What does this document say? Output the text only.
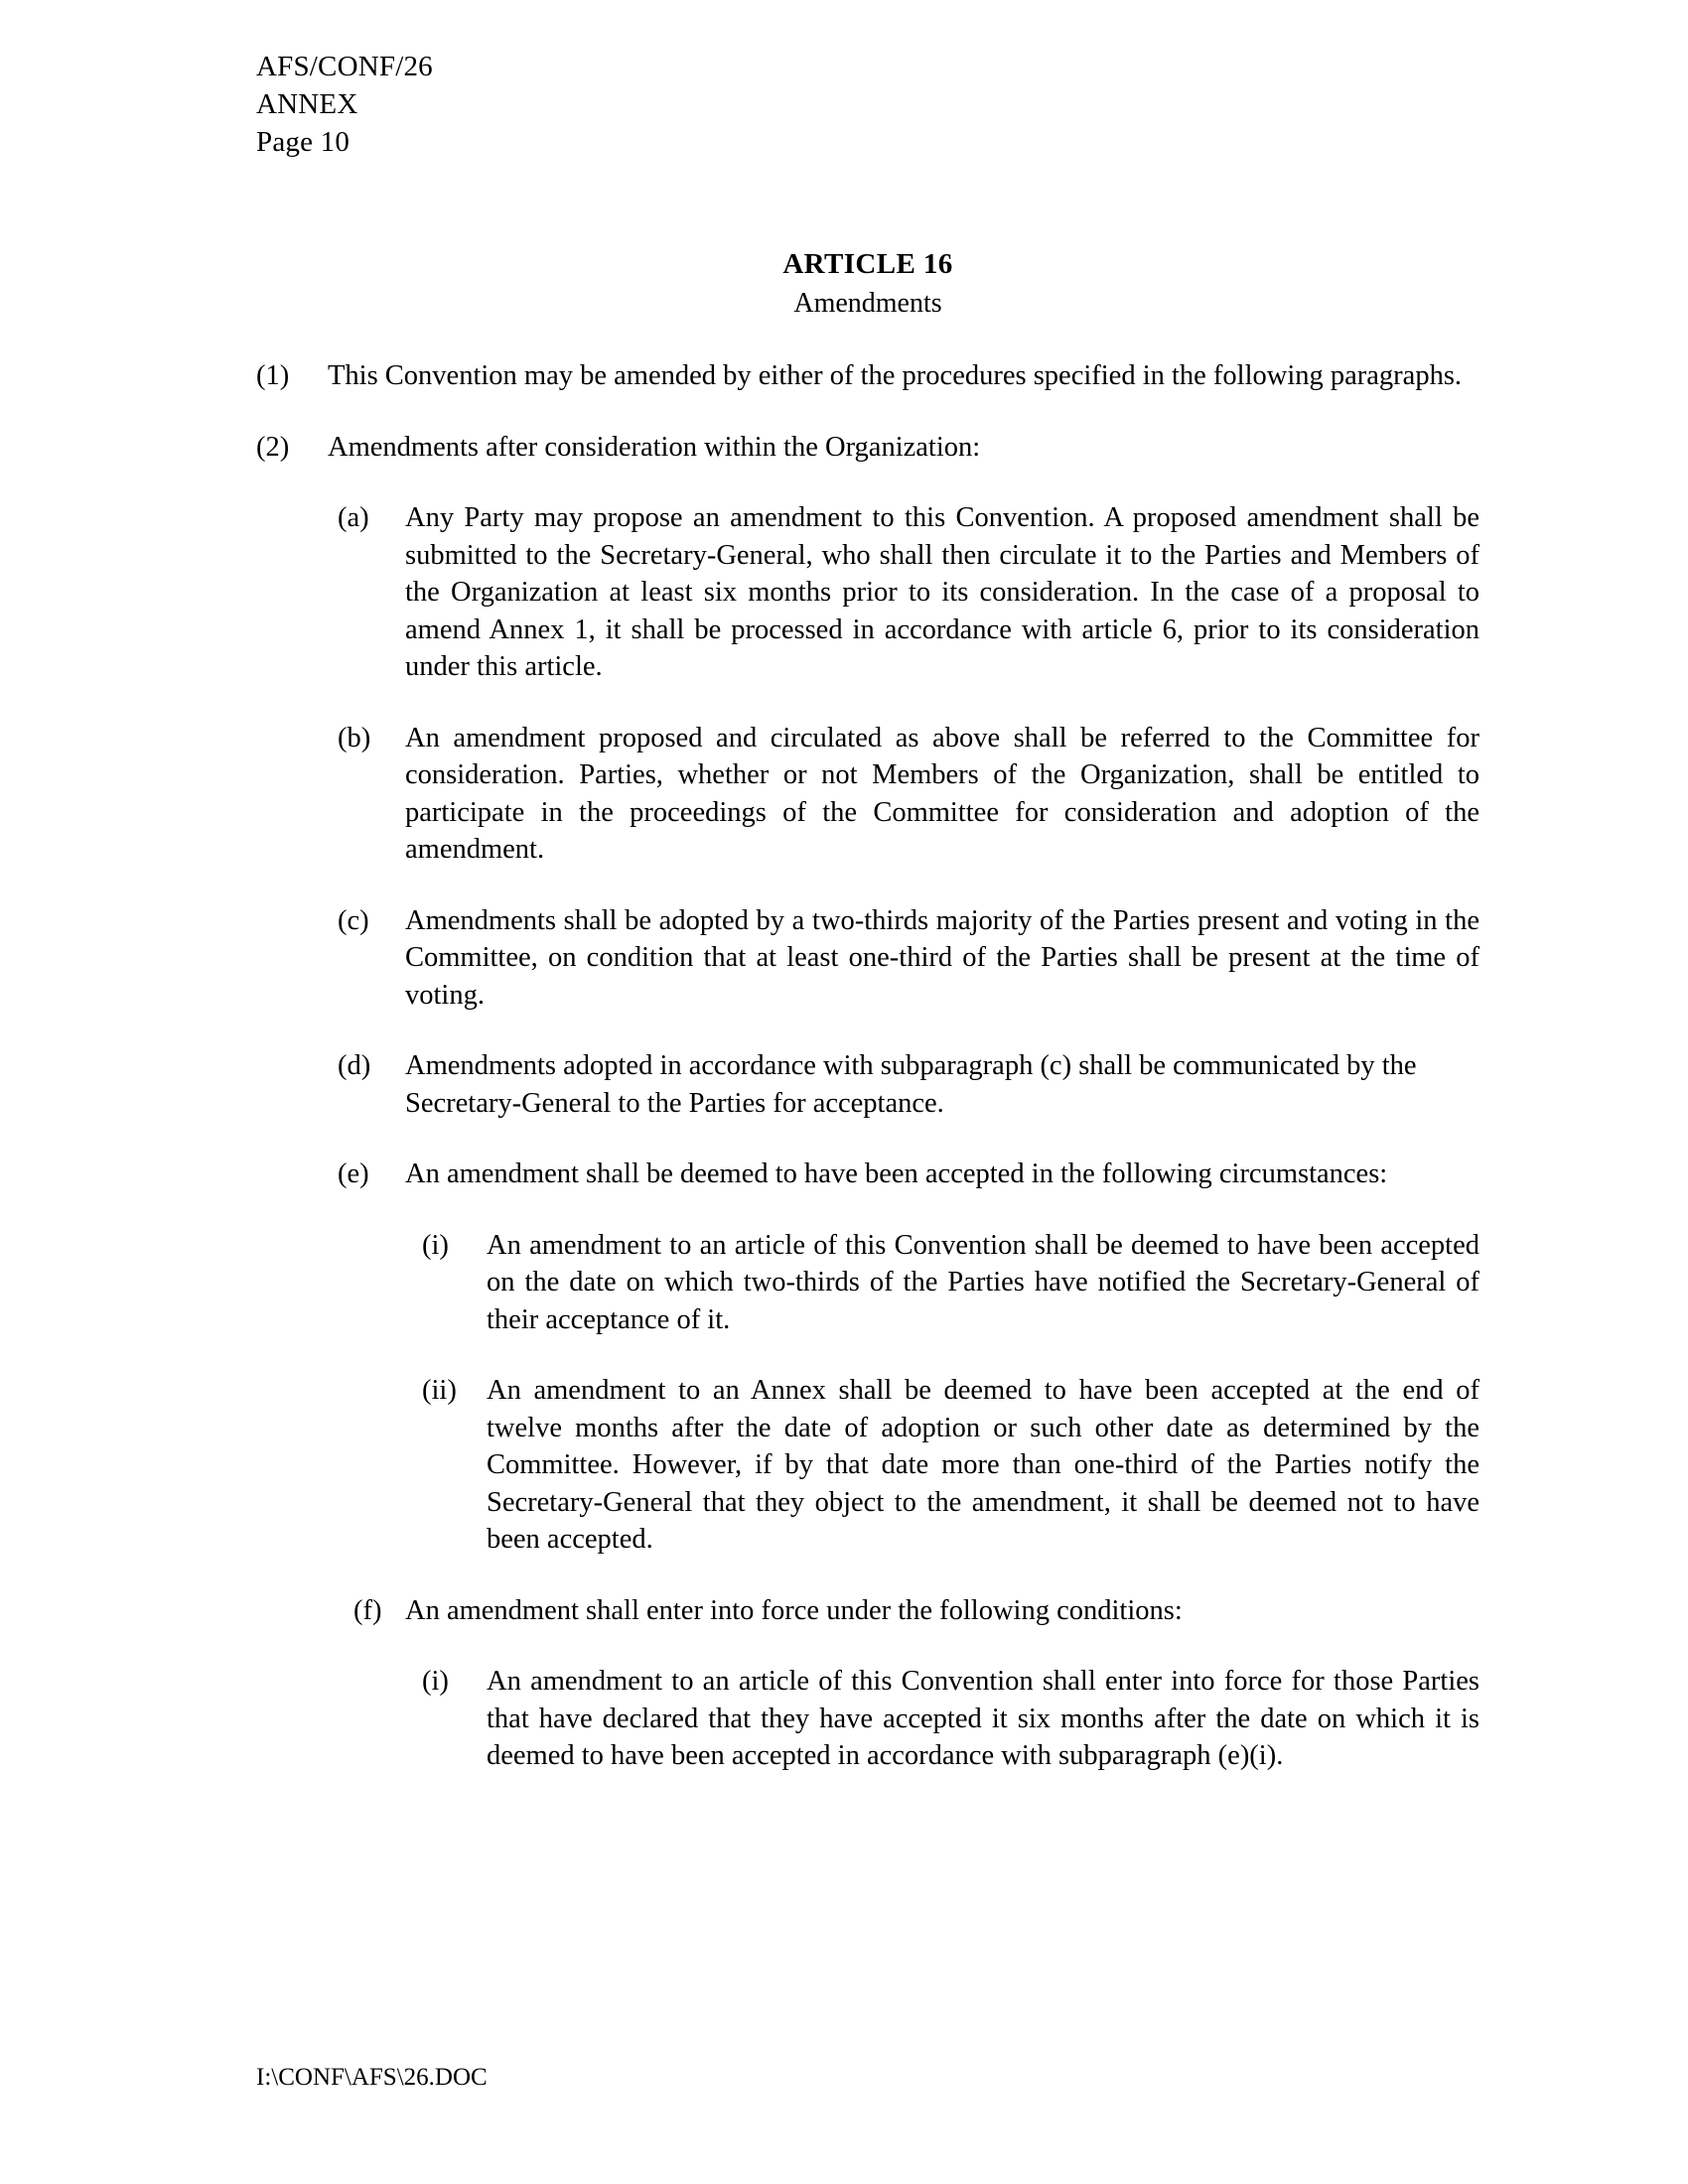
AFS/CONF/26
ANNEX
Page 10
ARTICLE 16
Amendments
(1)	This Convention may be amended by either of the procedures specified in the following paragraphs.
(2)	Amendments after consideration within the Organization:
(a)	Any Party may propose an amendment to this Convention. A proposed amendment shall be submitted to the Secretary-General, who shall then circulate it to the Parties and Members of the Organization at least six months prior to its consideration. In the case of a proposal to amend Annex 1, it shall be processed in accordance with article 6, prior to its consideration under this article.
(b)	An amendment proposed and circulated as above shall be referred to the Committee for consideration. Parties, whether or not Members of the Organization, shall be entitled to participate in the proceedings of the Committee for consideration and adoption of the amendment.
(c)	Amendments shall be adopted by a two-thirds majority of the Parties present and voting in the Committee, on condition that at least one-third of the Parties shall be present at the time of voting.
(d)	Amendments adopted in accordance with subparagraph (c) shall be communicated by the Secretary-General to the Parties for acceptance.
(e)	An amendment shall be deemed to have been accepted in the following circumstances:
(i)	An amendment to an article of this Convention shall be deemed to have been accepted on the date on which two-thirds of the Parties have notified the Secretary-General of their acceptance of it.
(ii)	An amendment to an Annex shall be deemed to have been accepted at the end of twelve months after the date of adoption or such other date as determined by the Committee. However, if by that date more than one-third of the Parties notify the Secretary-General that they object to the amendment, it shall be deemed not to have been accepted.
(f) An amendment shall enter into force under the following conditions:
(i)	An amendment to an article of this Convention shall enter into force for those Parties that have declared that they have accepted it six months after the date on which it is deemed to have been accepted in accordance with subparagraph (e)(i).
I:\CONF\AFS\26.DOC
